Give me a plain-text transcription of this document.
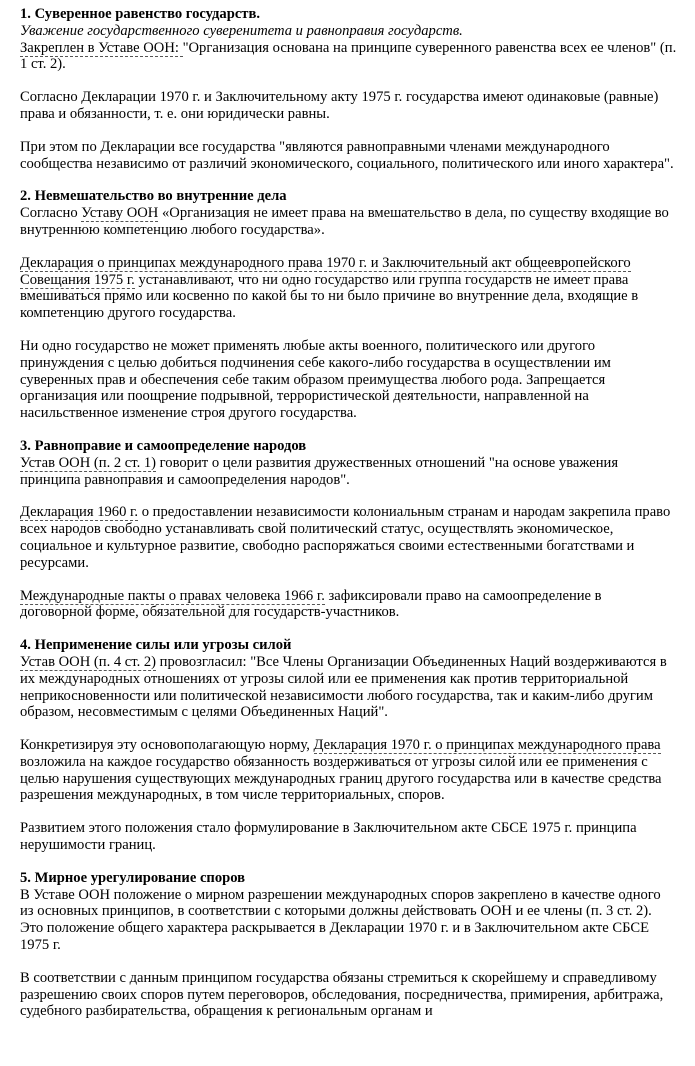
1. Суверенное равенство государств.
Уважение государственного суверенитета и равноправия государств.

Закреплен в Уставе ООН: "Организация основана на принципе суверенного равенства всех ее членов" (п. 1 ст. 2).

Согласно Декларации 1970 г. и Заключительному акту 1975 г. государства имеют одинаковые (равные) права и обязанности, т. е. они юридически равны.

При этом по Декларации все государства "являются равноправными членами международного сообщества независимо от различий экономического, социального, политического или иного характера".

2. Невмешательство во внутренние дела

Согласно Уставу ООН «Организация не имеет права на вмешательство в дела, по существу входящие во внутреннюю компетенцию любого государства».

Декларация о принципах международного права 1970 г. и Заключительный акт общеевропейского Совещания 1975 г. устанавливают, что ни одно государство или группа государств не имеет права вмешиваться прямо или косвенно по какой бы то ни было причине во внутренние дела, входящие в компетенцию другого государства.

Ни одно государство не может применять любые акты военного, политического или другого принуждения с целью добиться подчинения себе какого-либо государства в осуществлении им суверенных прав и обеспечения себе таким образом преимущества любого рода. Запрещается организация или поощрение подрывной, террористической деятельности, направленной на насильственное изменение строя другого государства.

3. Равноправие и самоопределение народов

Устав ООН (п. 2 ст. 1) говорит о цели развития дружественных отношений "на основе уважения принципа равноправия и самоопределения народов".

Декларация 1960 г. о предоставлении независимости колониальным странам и народам закрепила право всех народов свободно устанавливать свой политический статус, осуществлять экономическое, социальное и культурное развитие, свободно распоряжаться своими естественными богатствами и ресурсами.

Международные пакты о правах человека 1966 г. зафиксировали право на самоопределение в договорной форме, обязательной для государств-участников.

4. Неприменение силы или угрозы силой

Устав ООН (п. 4 ст. 2) провозгласил: "Все Члены Организации Объединенных Наций воздерживаются в их международных отношениях от угрозы силой или ее применения как против территориальной неприкосновенности или политической независимости любого государства, так и каким-либо другим образом, несовместимым с целями Объединенных Наций".

Конкретизируя эту основополагающую норму, Декларация 1970 г. о принципах международного права возложила на каждое государство обязанность воздерживаться от угрозы силой или ее применения с целью нарушения существующих международных границ другого государства или в качестве средства разрешения международных, в том числе территориальных, споров.

Развитием этого положения стало формулирование в Заключительном акте СБСЕ 1975 г. принципа нерушимости границ.

5. Мирное урегулирование споров

В Уставе ООН положение о мирном разрешении международных споров закреплено в качестве одного из основных принципов, в соответствии с которыми должны действовать ООН и ее члены (п. 3 ст. 2). Это положение общего характера раскрывается в Декларации 1970 г. и в Заключительном акте СБСЕ 1975 г.

В соответствии с данным принципом государства обязаны стремиться к скорейшему и справедливому разрешению своих споров путем переговоров, обследования, посредничества, примирения, арбитража, судебного разбирательства, обращения к региональным органам и
